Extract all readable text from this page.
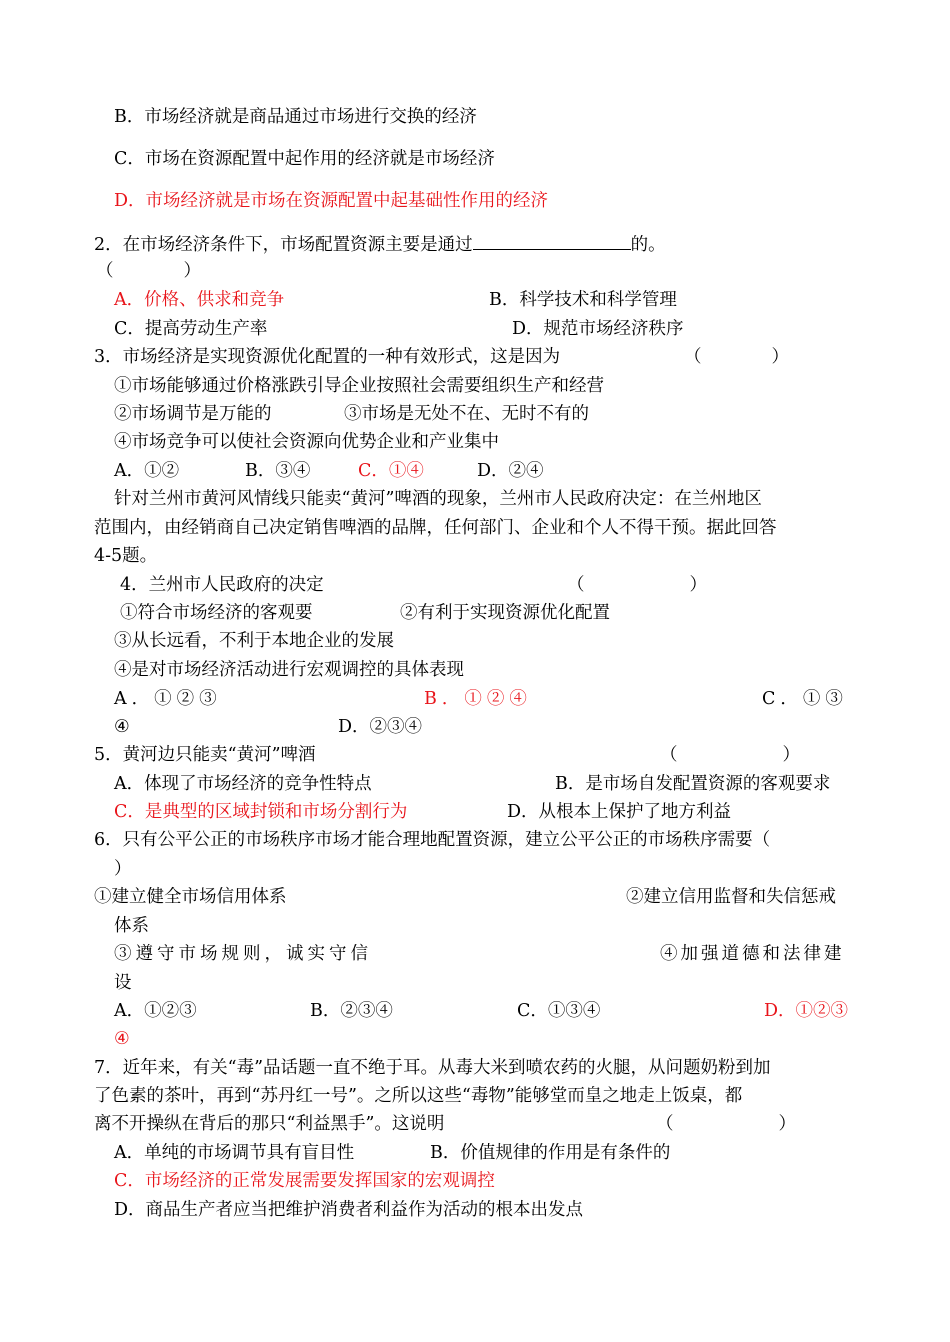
B．市场经济就是商品通过市场进行交换的经济
C．市场在资源配置中起作用的经济就是市场经济
D．市场经济就是市场在资源配置中起基础性作用的经济
2．在市场经济条件下，市场配置资源主要是通过	的。
（　　　　）
A．价格、供求和竞争	B．科学技术和科学管理
C．提高劳动生产率	D．规范市场经济秩序
3．市场经济是实现资源优化配置的一种有效形式，这是因为	（　　　　）
①市场能够通过价格涨跌引导企业按照社会需要组织生产和经营
②市场调节是万能的	③市场是无处不在、无时不有的
④市场竞争可以使社会资源向优势企业和产业集中
A．①②	B．③④	C．①④	D．②④
针对兰州市黄河风情线只能卖“黄河”啤酒的现象，兰州市人民政府决定：在兰州地区
范围内，由经销商自己决定销售啤酒的品牌，任何部门、企业和个人不得干预。据此回答
4-5题。
4．兰州市人民政府的决定	（　　　　　　）
①符合市场经济的客观要	②有利于实现资源优化配置
③从长远看，不利于本地企业的发展
④是对市场经济活动进行宏观调控的具体表现
A．①②③	B．①②④	C．①③
④	D．②③④
5．黄河边只能卖“黄河”啤酒	（　　　　　　）
A．体现了市场经济的竞争性特点	B．是市场自发配置资源的客观要求
C．是典型的区域封锁和市场分割行为	D．从根本上保护了地方利益
6．只有公平公正的市场秩序市场才能合理地配置资源，建立公平公正的市场秩序需要（
）
①建立健全市场信用体系	②建立信用监督和失信惩戒
体系
③遵守市场规则，诚实守信	④加强道德和法律建
设
A．①②③	B．②③④	C．①③④	D．①②③
④
7．近年来，有关“毒”品话题一直不绝于耳。从毒大米到喷农药的火腿，从问题奶粉到加
了色素的茶叶，再到“苏丹红一号”。之所以这些“毒物”能够堂而皇之地走上饭桌，都
离不开操纵在背后的那只“利益黑手”。这说明	（　　　　　　）
A．单纯的市场调节具有盲目性	B．价值规律的作用是有条件的
C．市场经济的正常发展需要发挥国家的宏观调控
D．商品生产者应当把维护消费者利益作为活动的根本出发点
